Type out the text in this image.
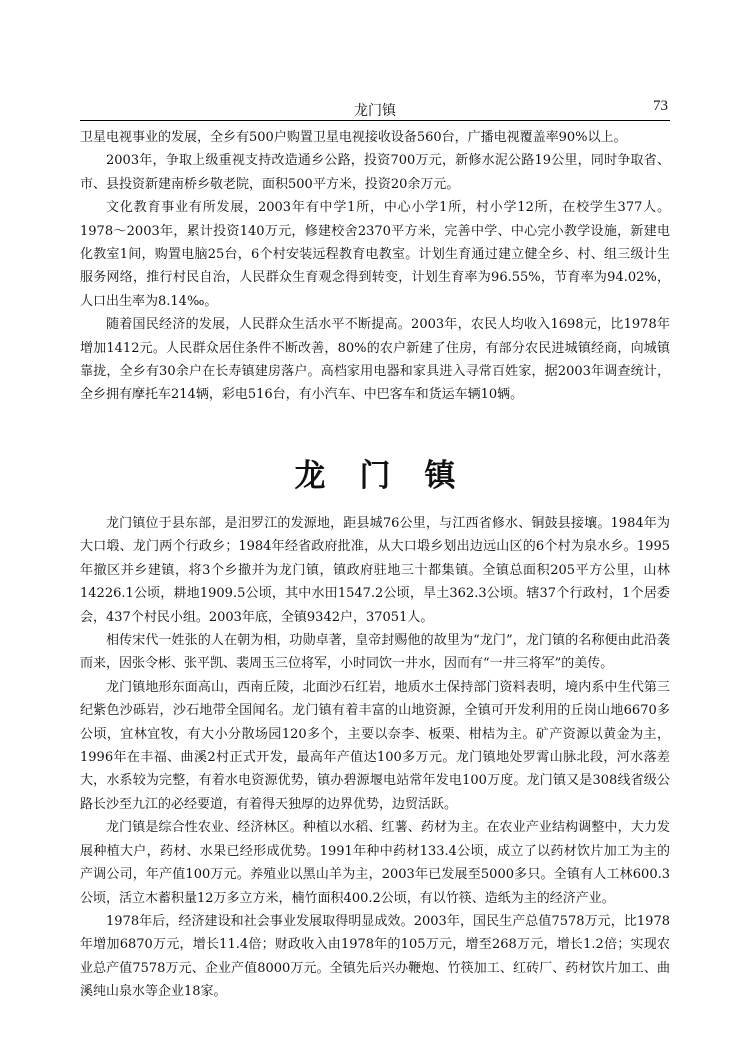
龙门镇	73

卫星电视事业的发展，全乡有500户购置卫星电视接收设备560台，广播电视覆盖率90%以上。

2003年，争取上级重视支持改造通乡公路，投资700万元，新修水泥公路19公里，同时争取省、市、县投资新建南桥乡敬老院，面积500平方米，投资20余万元。

文化教育事业有所发展，2003年有中学1所，中心小学1所，村小学12所，在校学生377人。1978～2003年，累计投资140万元，修建校舍2370平方米，完善中学、中心完小教学设施，新建电化教室1间，购置电脑25台，6个村安装远程教育电教室。计划生育通过建立健全乡、村、组三级计生服务网络，推行村民自治，人民群众生育观念得到转变，计划生育率为96.55%，节育率为94.02%，人口出生率为8.14‰。

随着国民经济的发展，人民群众生活水平不断提高。2003年，农民人均收入1698元，比1978年增加1412元。人民群众居住条件不断改善，80%的农户新建了住房，有部分农民进城镇经商，向城镇靠拢，全乡有30余户在长寿镇建房落户。高档家用电器和家具进入寻常百姓家，据2003年调查统计，全乡拥有摩托车214辆，彩电516台，有小汽车、中巴客车和货运车辆10辆。

龙门镇

龙门镇位于县东部，是汨罗江的发源地，距县城76公里，与江西省修水、铜鼓县接壤。1984年为大口塅、龙门两个行政乡；1984年经省政府批准，从大口塅乡划出边远山区的6个村为泉水乡。1995年撤区并乡建镇，将3个乡撤并为龙门镇，镇政府驻地三十都集镇。全镇总面积205平方公里，山林14226.1公顷，耕地1909.5公顷，其中水田1547.2公顷，旱土362.3公顷。辖37个行政村，1个居委会，437个村民小组。2003年底，全镇9342户，37051人。

相传宋代一姓张的人在朝为相，功勋卓著，皇帝封赐他的故里为“龙门”，龙门镇的名称便由此沿袭而来，因张令彬、张平凯、裴周玉三位将军，小时同饮一井水，因而有“一井三将军”的美传。

龙门镇地形东面高山，西南丘陵，北面沙石红岩，地质水土保持部门资料表明，境内系中生代第三纪紫色沙砾岩，沙石地带全国闻名。龙门镇有着丰富的山地资源，全镇可开发利用的丘岗山地6670多公顷，宜林宜牧，有大小分散场园120多个，主要以奈李、板栗、柑桔为主。矿产资源以黄金为主，1996年在丰福、曲溪2村正式开发，最高年产值达100多万元。龙门镇地处罗霄山脉北段，河水落差大，水系较为完整，有着水电资源优势，镇办碧源堰电站常年发电100万度。龙门镇又是308线省级公路长沙至九江的必经要道，有着得天独厚的边界优势，边贸活跃。

龙门镇是综合性农业、经济林区。种植以水稻、红薯、药材为主。在农业产业结构调整中，大力发展种植大户，药材、水果已经形成优势。1991年种中药材133.4公顷，成立了以药材饮片加工为主的产调公司，年产值100万元。养殖业以黑山羊为主，2003年已发展至5000多只。全镇有人工林600.3公顷，活立木蓄积量12万多立方米，楠竹面积400.2公顷，有以竹筷、造纸为主的经济产业。

1978年后，经济建设和社会事业发展取得明显成效。2003年，国民生产总值7578万元，比1978年增加6870万元，增长11.4倍；财政收入由1978年的105万元，增至268万元，增长1.2倍；实现农业总产值7578万元、企业产值8000万元。全镇先后兴办鞭炮、竹筷加工、红砖厂、药材饮片加工、曲溪纯山泉水等企业18家。
